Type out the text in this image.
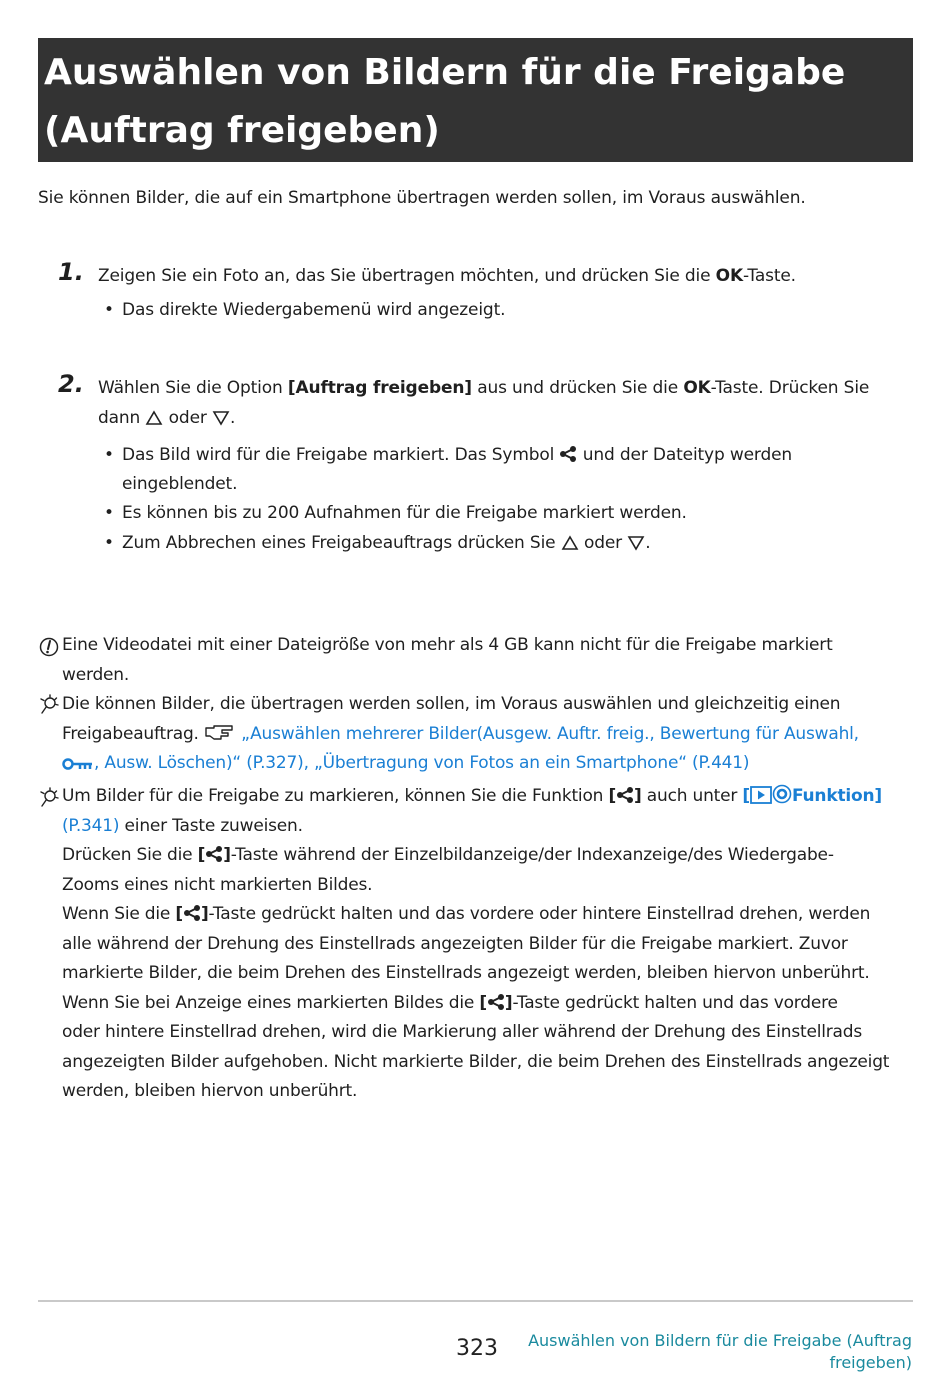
Auswählen von Bildern für die Freigabe
(Auftrag freigeben)
Sie können Bilder, die auf ein Smartphone übertragen werden sollen, im Voraus auswählen.
1. Zeigen Sie ein Foto an, das Sie übertragen möchten, und drücken Sie die OK-Taste.
• Das direkte Wiedergabemenü wird angezeigt.
2. Wählen Sie die Option [Auftrag freigeben] aus und drücken Sie die OK-Taste. Drücken Sie
dann  oder .
• Das Bild wird für die Freigabe markiert. Das Symbol  und der Dateityp werden
eingeblendet.
• Es können bis zu 200 Aufnahmen für die Freigabe markiert werden.
• Zum Abbrechen eines Freigabeauftrags drücken Sie  oder .
Eine Videodatei mit einer Dateigröße von mehr als 4 GB kann nicht für die Freigabe markiert
werden.
Die können Bilder, die übertragen werden sollen, im Voraus auswählen und gleichzeitig einen
Freigabeauftrag.  „Auswählen mehrerer Bilder(Ausgew. Auftr. freig., Bewertung für Auswahl,
, Ausw. Löschen)“ (P.327), „Übertragung von Fotos an ein Smartphone“ (P.441)
Um Bilder für die Freigabe zu markieren, können Sie die Funktion [ ] auch unter [ Funktion]
(P.341) einer Taste zuweisen.
Drücken Sie die [ ]-Taste während der Einzelbildanzeige/der Indexanzeige/des Wiedergabe-
Zooms eines nicht markierten Bildes.
Wenn Sie die [ ]-Taste gedrückt halten und das vordere oder hintere Einstellrad drehen, werden
alle während der Drehung des Einstellrads angezeigten Bilder für die Freigabe markiert. Zuvor
markierte Bilder, die beim Drehen des Einstellrads angezeigt werden, bleiben hiervon unberührt.
Wenn Sie bei Anzeige eines markierten Bildes die [ ]-Taste gedrückt halten und das vordere
oder hintere Einstellrad drehen, wird die Markierung aller während der Drehung des Einstellrads
angezeigten Bilder aufgehoben. Nicht markierte Bilder, die beim Drehen des Einstellrads angezeigt
werden, bleiben hiervon unberührt.
323	Auswählen von Bildern für die Freigabe (Auftrag
freigeben)
